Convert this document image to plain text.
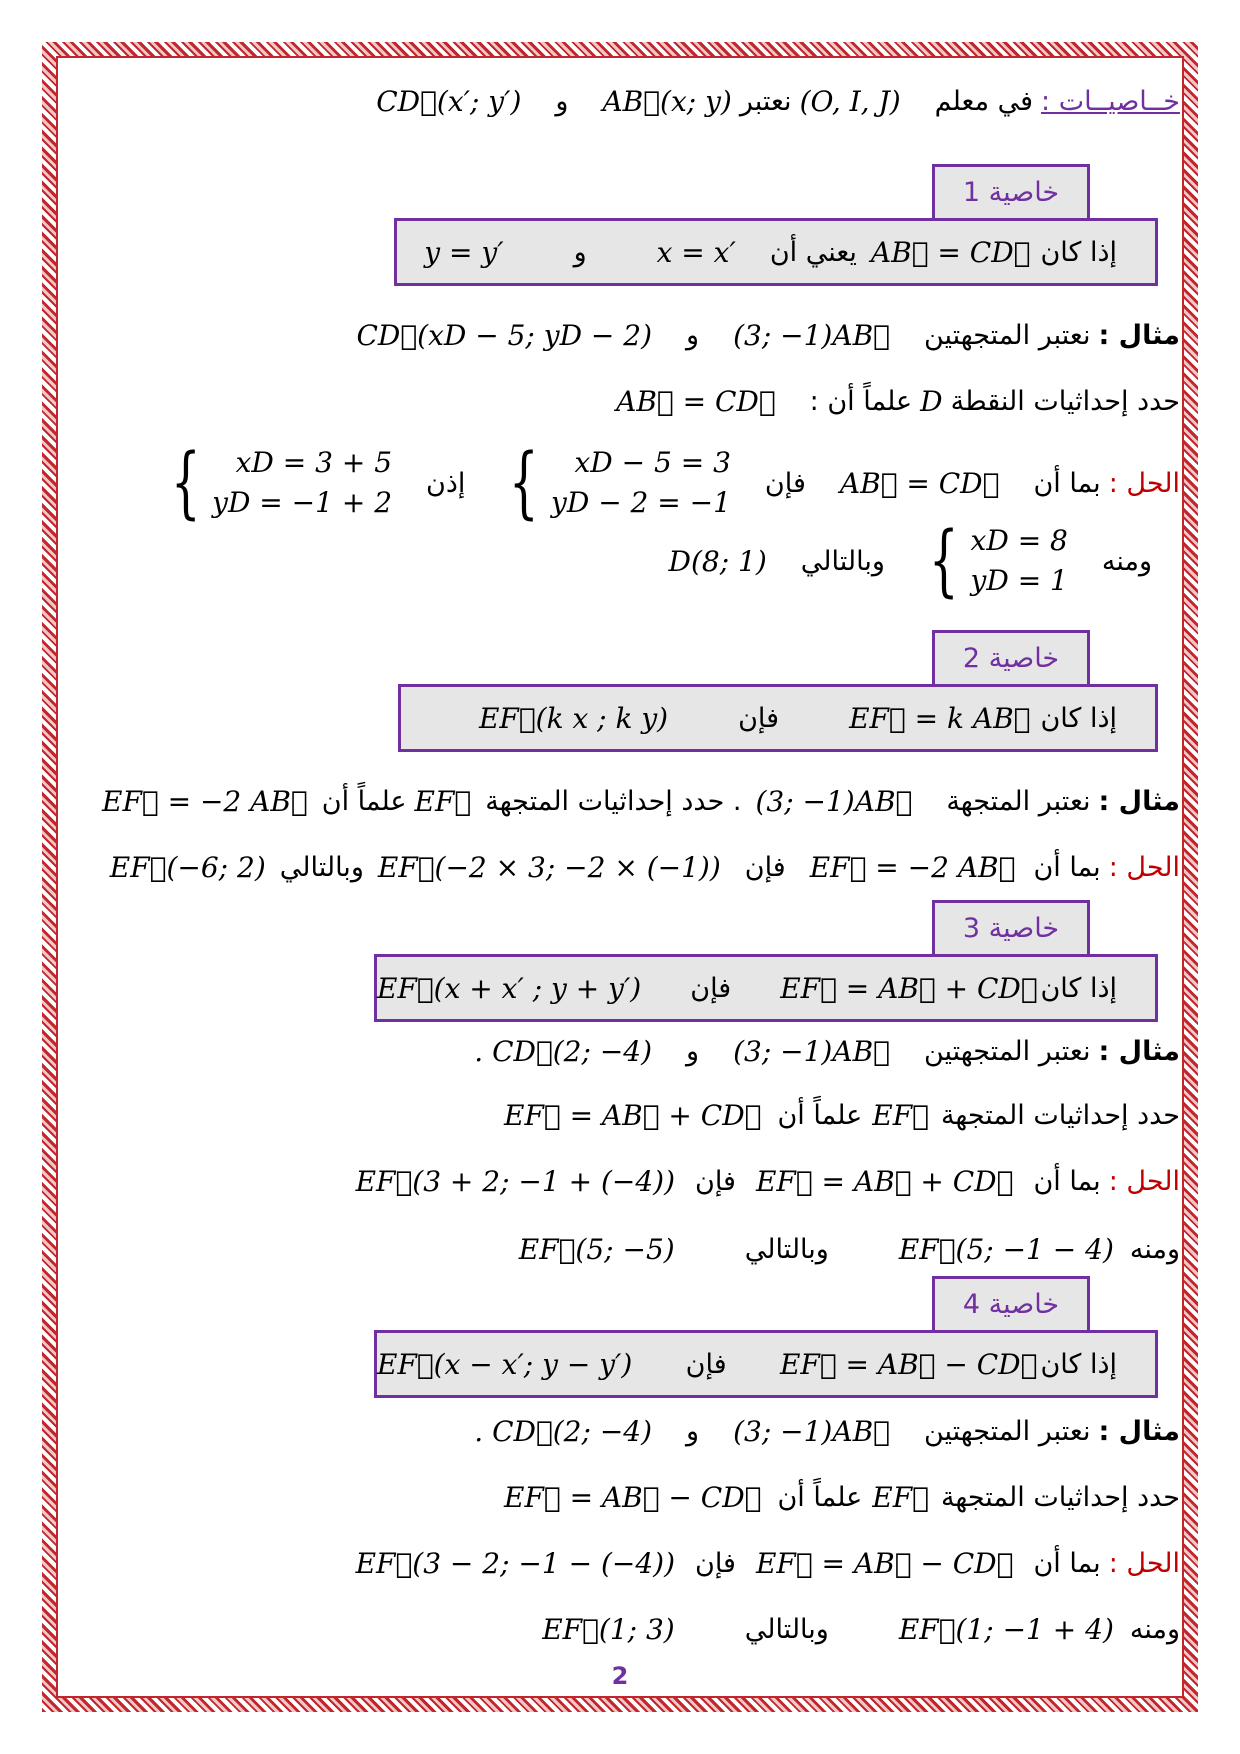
خــاصيــات :
في معلم
(O, I, J)
نعتبر
AB⃗(x; y)
و
CD⃗(x′; y′)
خاصية 1
إذا كان
AB⃗ = CD⃗
يعني أن
x = x′
و
y = y′
مثال :
نعتبر المتجهتين
(3; −1)AB⃗
و
CD⃗(xD − 5; yD − 2)
حدد إحداثيات النقطة
D
علماً أن :
AB⃗ = CD⃗
الحل :
بما أن
AB⃗ = CD⃗
فإن
{	xD − 5 = 3
yD − 2 = −1
إذن
{	xD = 3 + 5
yD = −1 + 2
ومنه
{ xD = 8
yD = 1
وبالتالي
D(8; 1)
خاصية 2
إذا كان
EF⃗ = k AB⃗
فإن
EF⃗(k x ; k y)
مثال :
نعتبر المتجهة
(3; −1)AB⃗
. حدد إحداثيات المتجهة
EF⃗
علماً أن
EF⃗ = −2 AB⃗
الحل :
بما أن
EF⃗ = −2 AB⃗
فإن
EF⃗(−2 × 3; −2 × (−1))
وبالتالي
EF⃗(−6; 2)
خاصية 3
إذا كان
EF⃗ = AB⃗ + CD⃗
فإن
EF⃗(x + x′ ; y + y′)
مثال :
نعتبر المتجهتين
(3; −1)AB⃗
و
. CD⃗(2; −4)
حدد إحداثيات المتجهة
EF⃗
علماً أن
EF⃗ = AB⃗ + CD⃗
الحل :
بما أن
EF⃗ = AB⃗ + CD⃗
فإن
EF⃗(3 + 2; −1 + (−4))
ومنه
EF⃗(5; −1 − 4)
وبالتالي
EF⃗(5; −5)
خاصية 4
إذا كان
EF⃗ = AB⃗ − CD⃗
فإن
EF⃗(x − x′; y − y′)
مثال :
نعتبر المتجهتين
(3; −1)AB⃗
و
. CD⃗(2; −4)
حدد إحداثيات المتجهة
EF⃗
علماً أن
EF⃗ = AB⃗ − CD⃗
الحل :
بما أن
EF⃗ = AB⃗ − CD⃗
فإن
EF⃗(3 − 2; −1 − (−4))
ومنه
EF⃗(1; −1 + 4)
وبالتالي
EF⃗(1; 3)
2
